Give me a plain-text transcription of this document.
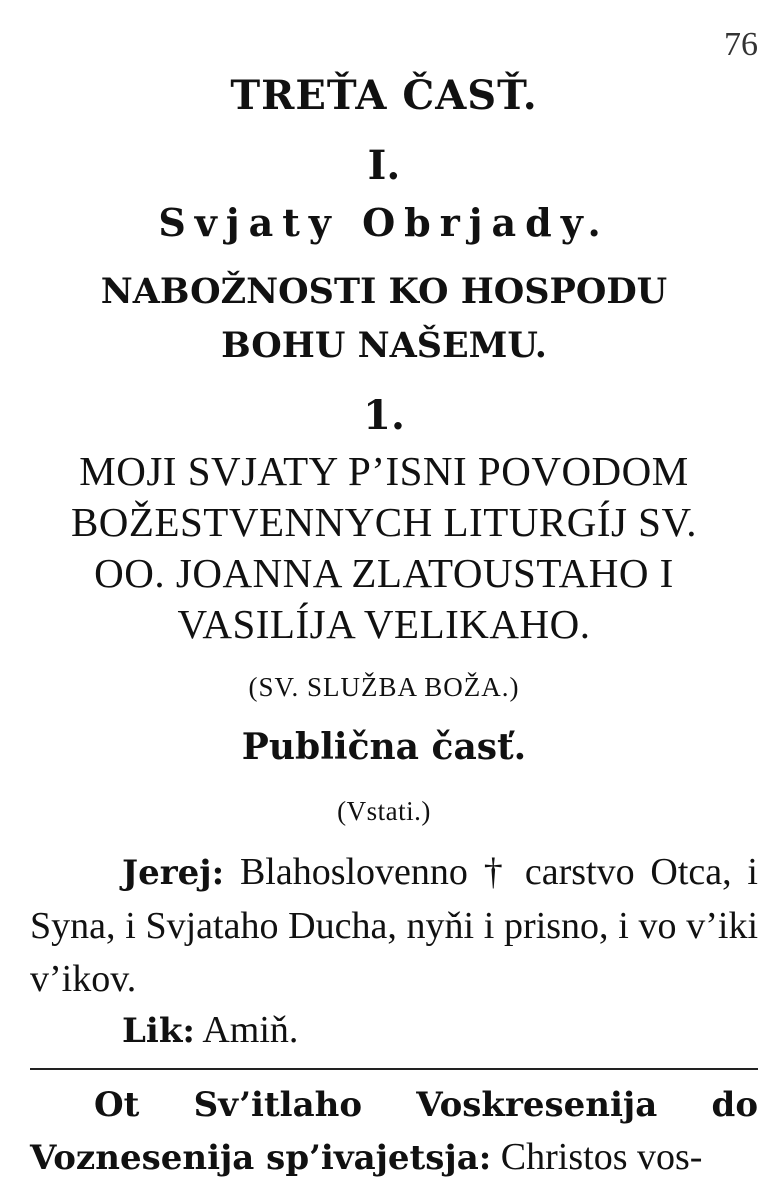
76
TREŤA ČASŤ.
I.
Svjaty Obrjady.
NABOŽNOSTI KO HOSPODU
BOHU NAŠEMU.
1.
MOJI SVJATY P’ISNI POVODOM
BOŽESTVENNYCH LITURGÍJ SV.
OO. JOANNA ZLATOUSTAHO I
VASILÍJA VELIKAHO.
(SV. SLUŽBA BOŽA.)
Publična časť.
(Vstati.)
Jerej: Blahoslovenno † carstvo Otca, i Syna, i Svjataho Ducha, nyňi i prisno, i vo v’iki v’ikov.
Lik: Amiň.
Ot Sv’itlaho Voskresenija do Voznesenija sp’ivajetsja: Christos vos-
